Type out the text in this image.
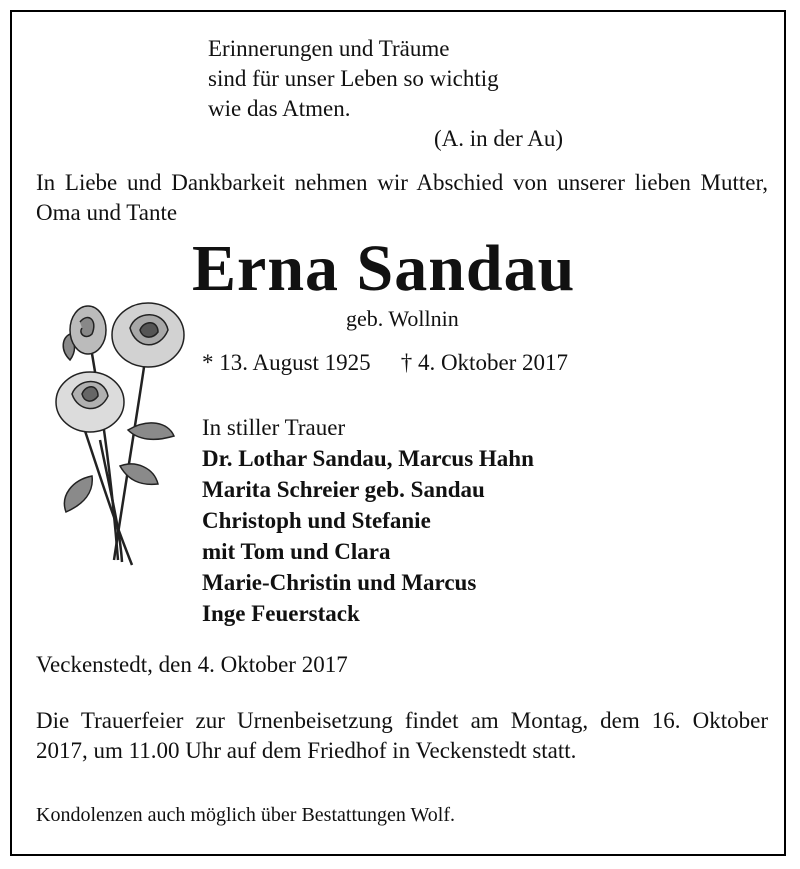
Erinnerungen und Träume
sind für unser Leben so wichtig
wie das Atmen.
(A. in der Au)
In Liebe und Dankbarkeit nehmen wir Abschied von unserer lieben Mutter, Oma und Tante
Erna Sandau
geb. Wollnin
* 13. August 1925 † 4. Oktober 2017
In stiller Trauer
Dr. Lothar Sandau, Marcus Hahn
Marita Schreier geb. Sandau
Christoph und Stefanie
mit Tom und Clara
Marie-Christin und Marcus
Inge Feuerstack
Veckenstedt, den 4. Oktober 2017
Die Trauerfeier zur Urnenbeisetzung findet am Montag, dem 16. Oktober 2017, um 11.00 Uhr auf dem Friedhof in Veckenstedt statt.
Kondolenzen auch möglich über Bestattungen Wolf.
